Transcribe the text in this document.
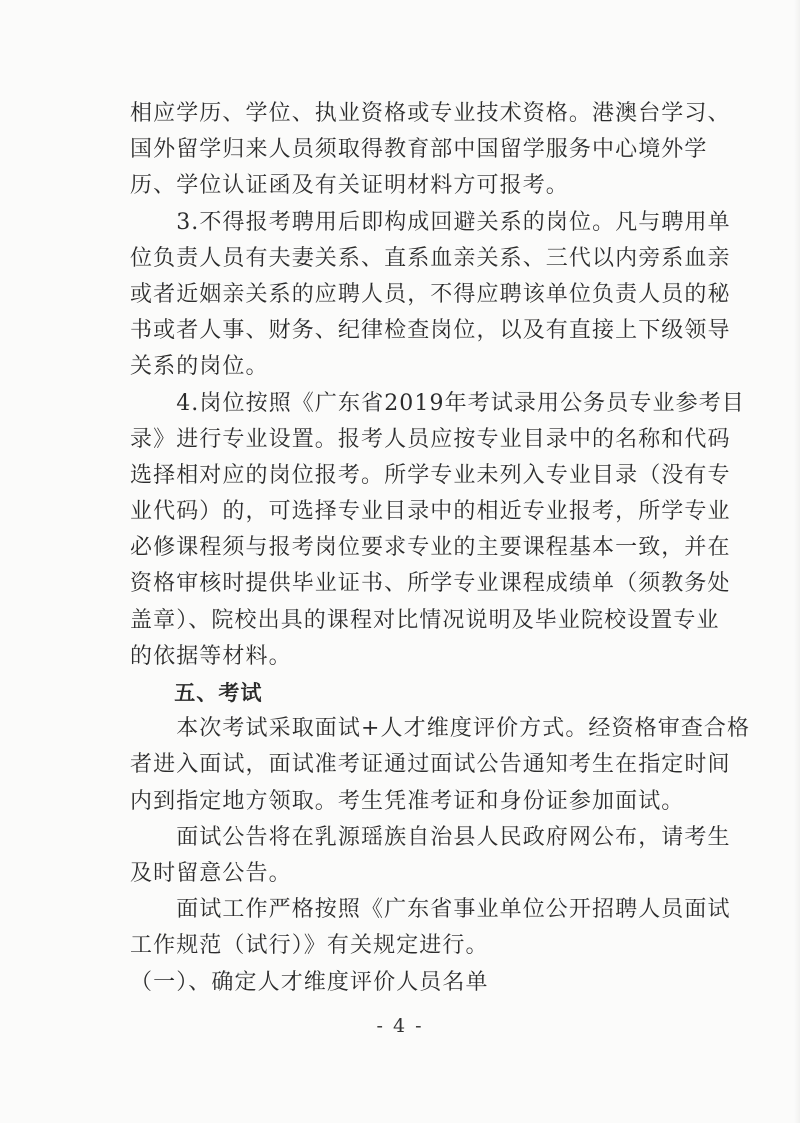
相应学历、学位、执业资格或专业技术资格。港澳台学习、
国外留学归来人员须取得教育部中国留学服务中心境外学
历、学位认证函及有关证明材料方可报考。
　　3.不得报考聘用后即构成回避关系的岗位。凡与聘用单
位负责人员有夫妻关系、直系血亲关系、三代以内旁系血亲
或者近姻亲关系的应聘人员，不得应聘该单位负责人员的秘
书或者人事、财务、纪律检查岗位，以及有直接上下级领导
关系的岗位。
　　4.岗位按照《广东省2019年考试录用公务员专业参考目
录》进行专业设置。报考人员应按专业目录中的名称和代码
选择相对应的岗位报考。所学专业未列入专业目录（没有专
业代码）的，可选择专业目录中的相近专业报考，所学专业
必修课程须与报考岗位要求专业的主要课程基本一致，并在
资格审核时提供毕业证书、所学专业课程成绩单（须教务处
盖章）、院校出具的课程对比情况说明及毕业院校设置专业
的依据等材料。
　　五、考试
　　本次考试采取面试+人才维度评价方式。经资格审查合格
者进入面试，面试准考证通过面试公告通知考生在指定时间
内到指定地方领取。考生凭准考证和身份证参加面试。
　　面试公告将在乳源瑶族自治县人民政府网公布，请考生
及时留意公告。
　　面试工作严格按照《广东省事业单位公开招聘人员面试
工作规范（试行）》有关规定进行。
（一）、确定人才维度评价人员名单
- 4 -
